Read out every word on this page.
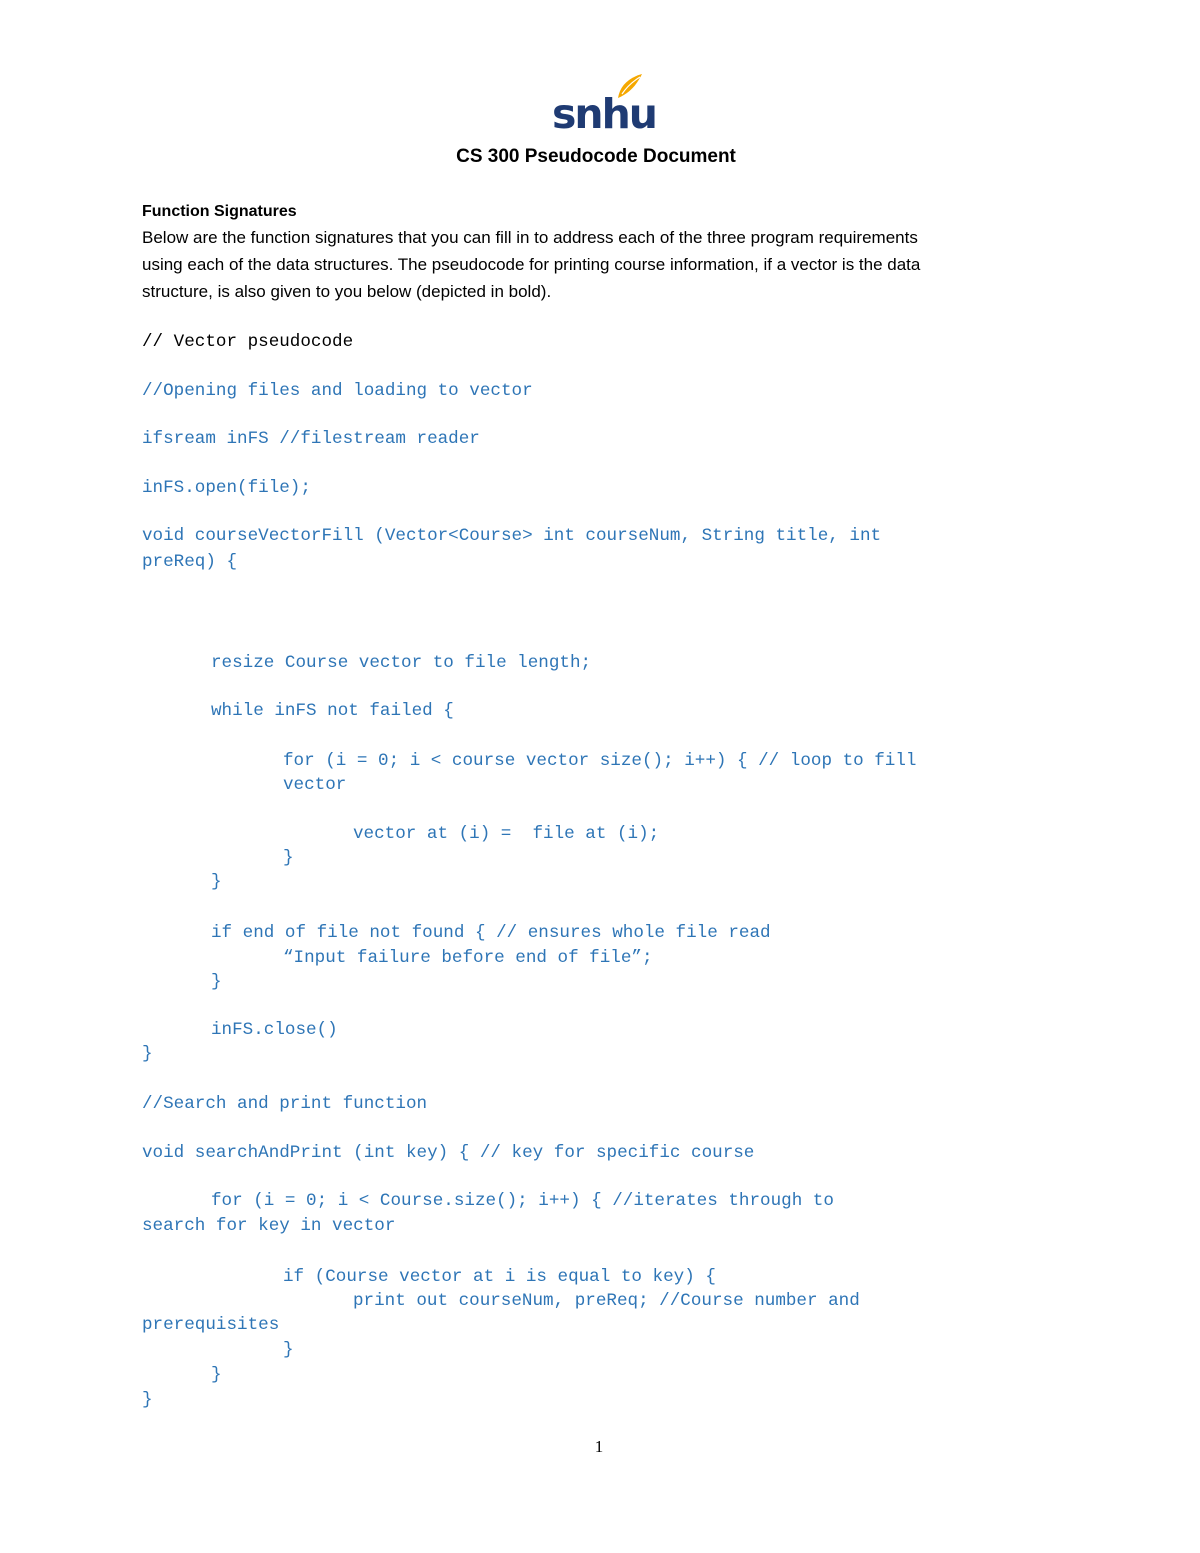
snhu
CS 300 Pseudocode Document
Function Signatures
Below are the function signatures that you can fill in to address each of the three program requirements
using each of the data structures. The pseudocode for printing course information, if a vector is the data
structure, is also given to you below (depicted in bold).
// Vector pseudocode
//Opening files and loading to vector
ifsream inFS //filestream reader
inFS.open(file);
void courseVectorFill (Vector<Course> int courseNum, String title, int
preReq) {
resize Course vector to file length;
while inFS not failed {
for (i = 0; i < course vector size(); i++) { // loop to fill
vector
vector at (i) =  file at (i);
}
}
if end of file not found { // ensures whole file read
“Input failure before end of file”;
}
inFS.close()
}
//Search and print function
void searchAndPrint (int key) { // key for specific course
for (i = 0; i < Course.size(); i++) { //iterates through to
search for key in vector
if (Course vector at i is equal to key) {
print out courseNum, preReq; //Course number and
prerequisites
}
}
}
1
